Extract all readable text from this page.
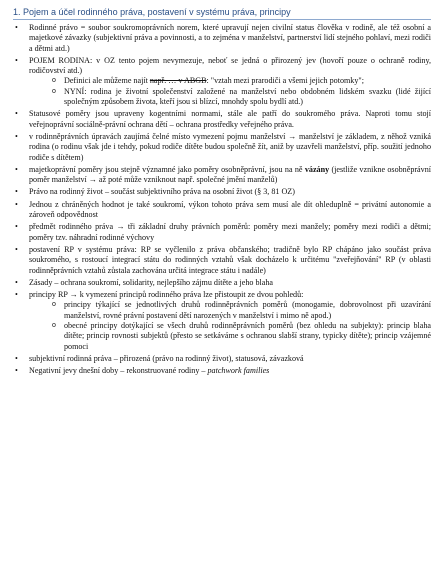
1. Pojem a účel rodinného práva, postavení v systému práva, principy
• Rodinné právo = soubor soukromoprávních norem, které upravují nejen civilní status člověka v rodině, ale též osobní a majetkové závazky (subjektivní práva a povinnosti, a to zejména v manželství, partnerství lidí stejného pohlaví, mezi rodiči a dětmi atd.)
• POJEM RODINA: v OZ tento pojem nevymezuje, neboť se jedná o přirozený jev (hovoří pouze o ochraně rodiny, rodičovství atd.)
o Definici ale můžeme najít např. … v ABGB: "vztah mezi prarodiči a všemi jejich potomky";
o NYNÍ: rodina je životní společenství založené na manželství nebo obdobném lidském svazku (lidé žijící společným způsobem života, kteří jsou si blízcí, mnohdy spolu bydlí atd.)
• Statusové poměry jsou upraveny kogentními normami, stále ale patří do soukromého práva. Naproti tomu stojí veřejnoprávní sociálně-právní ochrana dětí – ochrana prostředky veřejného práva.
• v rodinněprávních úpravách zaujímá čelné místo vymezení pojmu manželství → manželství je základem, z něhož vzniká rodina (o rodinu však jde i tehdy, pokud rodiče dítěte budou společně žít, aniž by uzavřeli manželství, příp. soužití jednoho rodiče s dítětem)
• majetkoprávní poměry jsou stejně významné jako poměry osobněprávní, jsou na ně vázány (jestliže vznikne osobněprávní poměr manželství → až poté může vzniknout např. společné jmění manželů)
• Právo na rodinný život – součást subjektivního práva na osobní život (§ 3, 81 OZ)
• Jednou z chráněných hodnot je také soukromí, výkon tohoto práva sem musí ale dít ohleduplně = privátní autonomie a zároveň odpovědnost
• předmět rodinného práva → tři základní druhy právních poměrů: poměry mezi manžely; poměry mezi rodiči a dětmi; poměry tzv. náhradní rodinné výchovy
• postavení RP v systému práva: RP se vyčlenilo z práva občanského; tradičně bylo RP chápáno jako součást práva soukromého, s rostoucí integrací státu do rodinných vztahů však docházelo k určitému "zveřejňování" RP (v oblasti rodinněprávních vztahů zůstala zachována určitá integrace státu i nadále)
• Zásady – ochrana soukromí, solidarity, nejlepšího zájmu dítěte a jeho blaha
• principy RP → k vymezení principů rodinného práva lze přistoupit ze dvou pohledů:
o principy týkající se jednotlivých druhů rodinněprávních poměrů (monogamie, dobrovolnost při uzavírání manželství, rovné právní postavení dětí narozených v manželství i mimo ně apod.)
o obecné principy dotýkající se všech druhů rodinněprávních poměrů (bez ohledu na subjekty): princip blaha dítěte; princip rovnosti subjektů (přesto se setkáváme s ochranou slabší strany, typicky dítěte); princip vzájemné pomoci
• subjektivní rodinná práva – přirozená (právo na rodinný život), statusová, závazková
• Negativní jevy dnešní doby – rekonstruované rodiny – patchwork families
